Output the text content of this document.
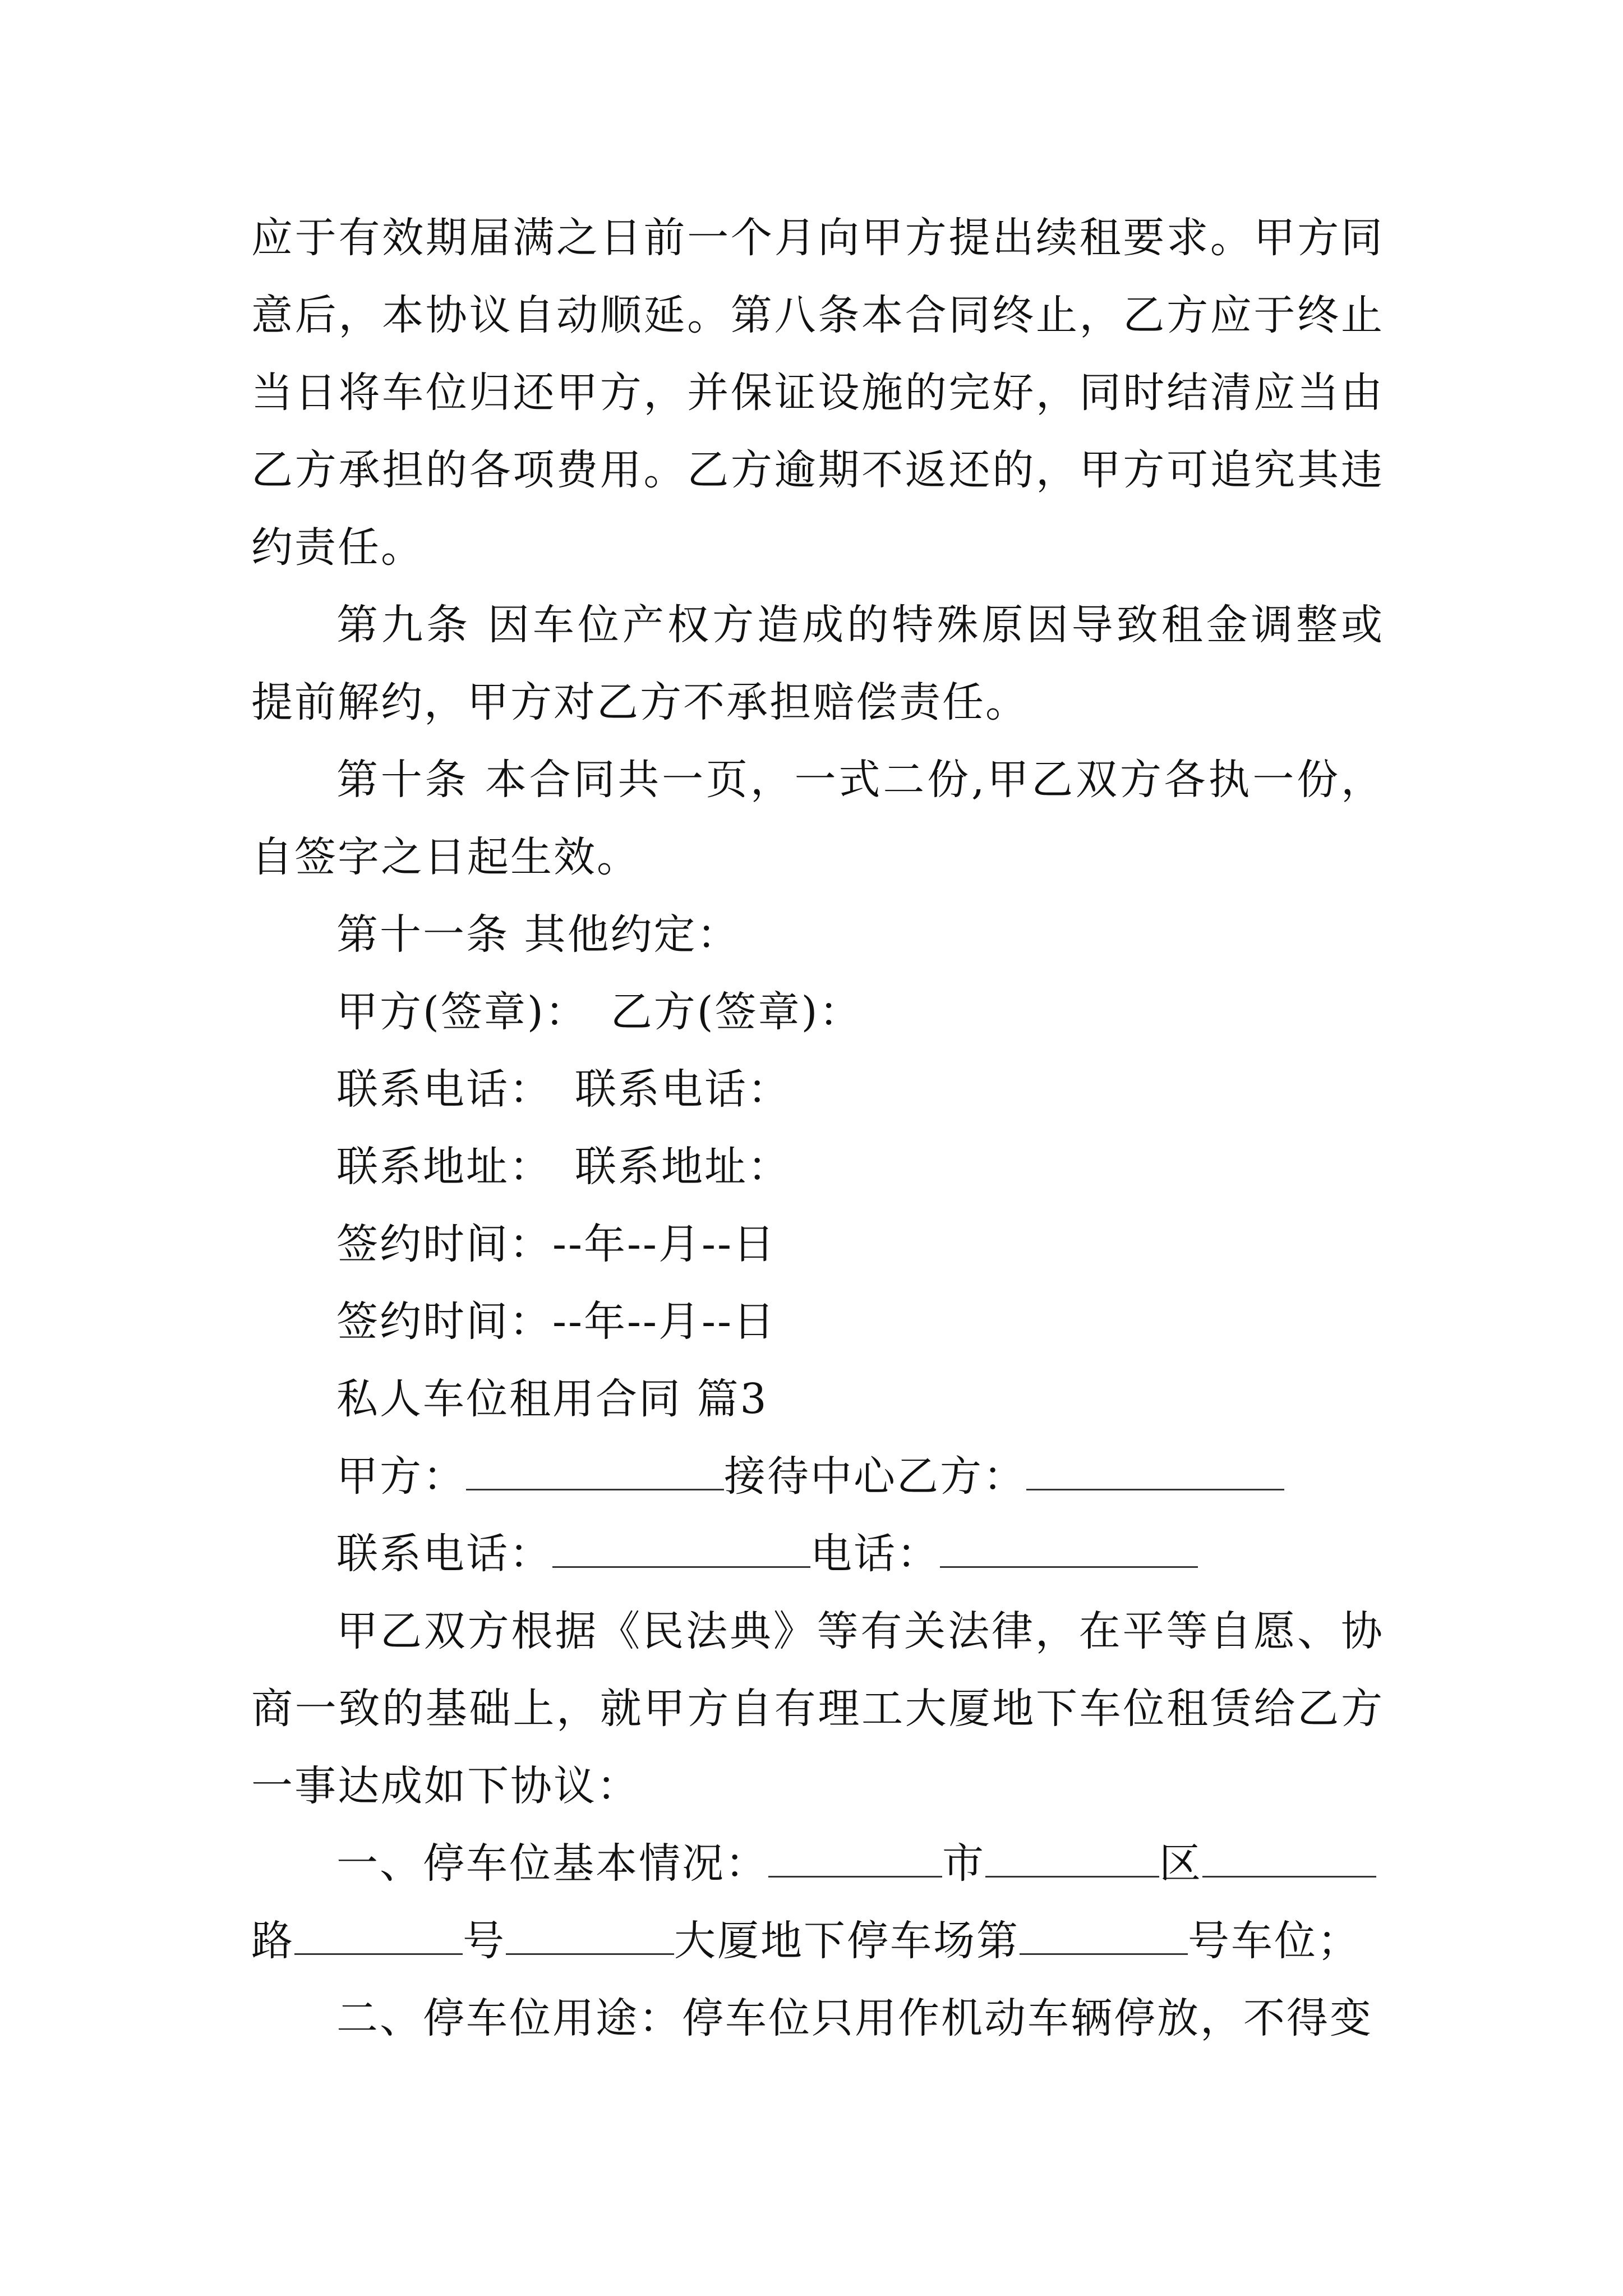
应于有效期届满之日前一个月向甲方提出续租要求。甲方同意后，本协议自动顺延。第八条本合同终止，乙方应于终止当日将车位归还甲方，并保证设施的完好，同时结清应当由乙方承担的各项费用。乙方逾期不返还的，甲方可追究其违约责任。

第九条 因车位产权方造成的特殊原因导致租金调整或提前解约，甲方对乙方不承担赔偿责任。

第十条 本合同共一页，一式二份,甲乙双方各执一份，自签字之日起生效。

第十一条 其他约定：

甲方(签章)： 乙方(签章)：

联系电话： 联系电话：

联系地址： 联系地址：

签约时间：--年--月--日

签约时间：--年--月--日

私人车位租用合同 篇3

甲方：	接待中心乙方：

联系电话：	电话：

甲乙双方根据《民法典》等有关法律，在平等自愿、协商一致的基础上，就甲方自有理工大厦地下车位租赁给乙方一事达成如下协议：

一、停车位基本情况：	市	区

路	号	大厦地下停车场第	号车位；

二、停车位用途：停车位只用作机动车辆停放，不得变
